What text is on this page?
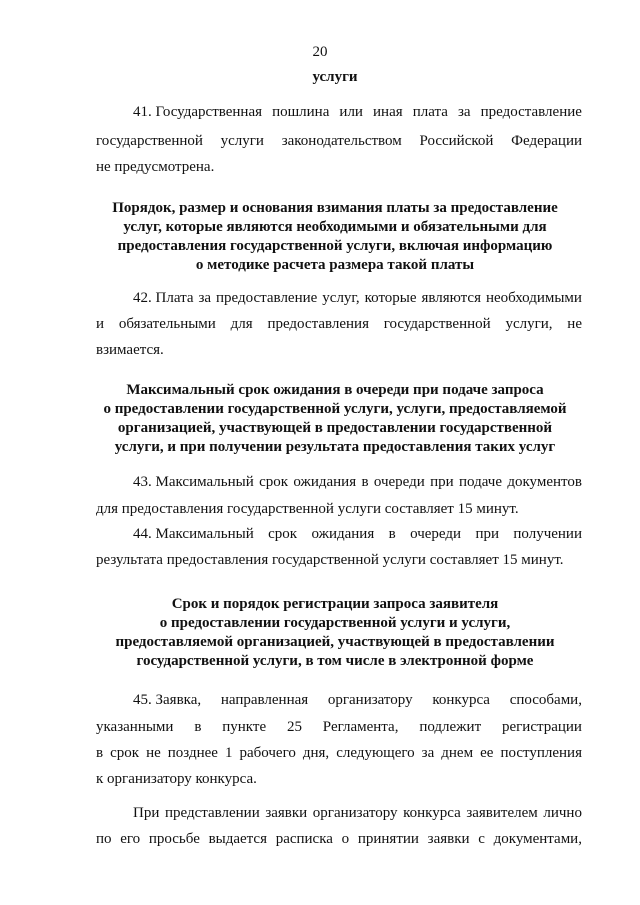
20
услуги
41. Государственная пошлина или иная плата за предоставление
государственной услуги законодательством Российской Федерации
не предусмотрена.
Порядок, размер и основания взимания платы за предоставление
услуг, которые являются необходимыми и обязательными для
предоставления государственной услуги, включая информацию
о методике расчета размера такой платы
42. Плата за предоставление услуг, которые являются необходимыми
и обязательными для предоставления государственной услуги, не
взимается.
Максимальный срок ожидания в очереди при подаче запроса
о предоставлении государственной услуги, услуги, предоставляемой
организацией, участвующей в предоставлении государственной
услуги, и при получении результата предоставления таких услуг
43. Максимальный срок ожидания в очереди при подаче документов
для предоставления государственной услуги составляет 15 минут.
44. Максимальный срок ожидания в очереди при получении
результата предоставления государственной услуги составляет 15 минут.
Срок и порядок регистрации запроса заявителя
о предоставлении государственной услуги и услуги,
предоставляемой организацией, участвующей в предоставлении
государственной услуги, в том числе в электронной форме
45. Заявка, направленная организатору конкурса способами,
указанными в пункте 25 Регламента, подлежит регистрации
в срок не позднее 1 рабочего дня, следующего за днем ее поступления
к организатору конкурса.
При представлении заявки организатору конкурса заявителем лично
по его просьбе выдается расписка о принятии заявки с документами,
